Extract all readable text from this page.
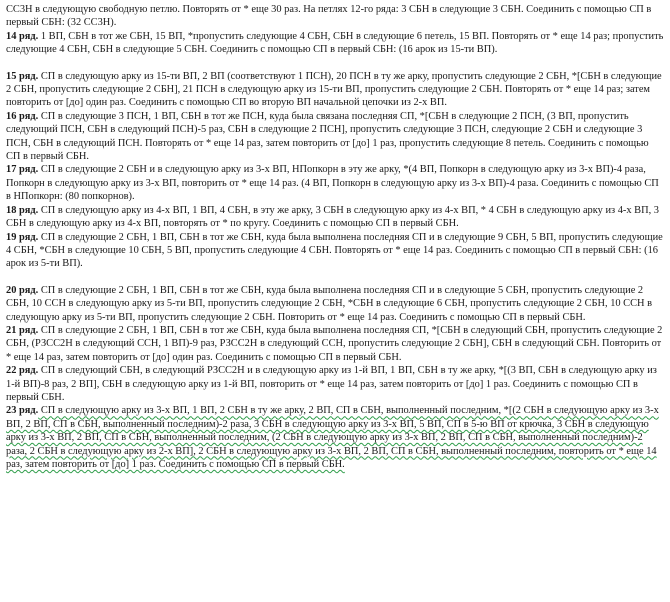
СС3Н в следующую свободную петлю. Повторять от * еще 30 раз. На петлях 12-го ряда: 3 СБН в следующие 3 СБН. Соединить с помощью СП в первый СБН: (32 СС3Н).

14 ряд. 1 ВП, СБН в тот же СБН, 15 ВП, *пропустить следующие 4 СБН, СБН в следующие 6 петель, 15 ВП. Повторять от * еще 14 раз; пропустить следующие 4 СБН, СБН в следующие 5 СБН. Соединить с помощью СП в первый СБН: (16 арок из 15-ти ВП).

15 ряд. СП в следующую арку из 15-ти ВП, 2 ВП (соответствуют 1 ПСН), 20 ПСН в ту же арку, пропустить следующие 2 СБН, *[СБН в следующие 2 СБН, пропустить следующие 2 СБН], 21 ПСН в следующую арку из 15-ти ВП, пропустить следующие 2 СБН. Повторять от * еще 14 раз; затем повторить от [до] один раз. Соединить с помощью СП во вторую ВП начальной цепочки из 2-х ВП.

16 ряд. СП в следующие 3 ПСН, 1 ВП, СБН в тот же ПСН, куда была связана последняя СП, *[СБН в следующие 2 ПСН, (3 ВП, пропустить следующий ПСН, СБН в следующий ПСН)-5 раз, СБН в следующие 2 ПСН], пропустить следующие 3 ПСН, следующие 2 СБН и следующие 3 ПСН, СБН в следующий ПСН. Повторять от * еще 14 раз, затем повторить от [до] 1 раз, пропустить следующие 8 петель. Соединить с помощью СП в первый СБН.

17 ряд. СП в следующие 2 СБН и в следующую арку из 3-х ВП, НПопкорн в эту же арку, *(4 ВП, Попкорн в следующую арку из 3-х ВП)-4 раза, Попкорн в следующую арку из 3-х ВП, повторить от * еще 14 раз. (4 ВП, Попкорн в следующую арку из 3-х ВП)-4 раза. Соединить с помощью СП в НПопкорн: (80 попкорнов).

18 ряд. СП в следующую арку из 4-х ВП, 1 ВП, 4 СБН, в эту же арку, 3 СБН в следующую арку из 4-х ВП, * 4 СБН в следующую арку из 4-х ВП, 3 СБН в следующую арку из 4-х ВП, повторять от * по кругу. Соединить с помощью СП в первый СБН.

19 ряд. СП в следующие 2 СБН, 1 ВП, СБН в тот же СБН, куда была выполнена последняя СП и в следующие 9 СБН, 5 ВП, пропустить следующие 4 СБН, *СБН в следующие 10 СБН, 5 ВП, пропустить следующие 4 СБН. Повторять от * еще 14 раз. Соединить с помощью СП в первый СБН: (16 арок из 5-ти ВП).

20 ряд. СП в следующие 2 СБН, 1 ВП, СБН в тот же СБН, куда была выполнена последняя СП и в следующие 5 СБН, пропустить следующие 2 СБН, 10 ССН в следующую арку из 5-ти ВП, пропустить следующие 2 СБН, *СБН в следующие 6 СБН, пропустить следующие 2 СБН, 10 ССН в следующую арку из 5-ти ВП, пропустить следующие 2 СБН. Повторить от * еще 14 раз. Соединить с помощью СП в первый СБН.

21 ряд. СП в следующие 2 СБН, 1 ВП, СБН в тот же СБН, куда была выполнена последняя СП, *[СБН в следующий СБН, пропустить следующие 2 СБН, (РЗСС2Н в следующий ССН, 1 ВП)-9 раз, РЗСС2Н в следующий ССН, пропустить следующие 2 СБН], СБН в следующий СБН. Повторить от * еще 14 раз, затем повторить от [до] один раз. Соединить с помощью СП в первый СБН.

22 ряд. СП в следующий СБН, в следующий РЗСС2Н и в следующую арку из 1-й ВП, 1 ВП, СБН в ту же арку, *[(3 ВП, СБН в следующую арку из 1-й ВП)-8 раз, 2 ВП], СБН в следующую арку из 1-й ВП, повторить от * еще 14 раз, затем повторить от [до] 1 раз. Соединить с помощью СП в первый СБН.

23 ряд. СП в следующую арку из 3-х ВП, 1 ВП, 2 СБН в ту же арку, 2 ВП, СП в СБН, выполненный последним, *[(2 СБН в следующую арку из 3-х ВП, 2 ВП, СП в СБН, выполненный последним)-2 раза, 3 СБН в следующую арку из 3-х ВП, 5 ВП, СП в 5-ю ВП от крючка, 3 СБН в следующую арку из 3-х ВП, 2 ВП, СП в СБН, выполненный последним, (2 СБН в следующую арку из 3-х ВП, 2 ВП, СП в СБН, выполненный последним)-2 раза, 2 СБН в следующую арку из 2-х ВП], 2 СБН в следующую арку из 3-х ВП, 2 ВП, СП в СБН, выполненный последним, повторить от * еще 14 раз, затем повторить от [до] 1 раз. Соединить с помощью СП в первый СБН.
